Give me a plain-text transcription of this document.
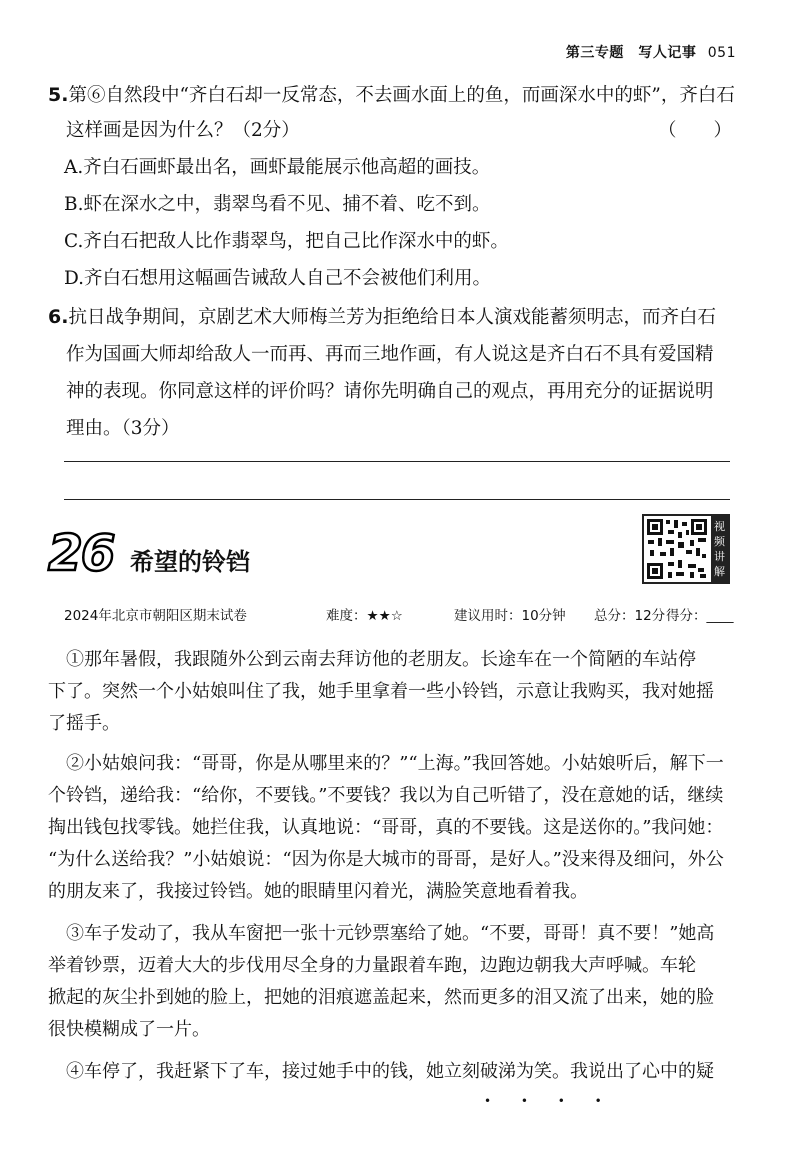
第三专题　写人记事 051
5.第⑥自然段中“齐白石却一反常态，不去画水面上的鱼，而画深水中的虾”，齐白石
这样画是因为什么？（2分）	（　　）
A.齐白石画虾最出名，画虾最能展示他高超的画技。
B.虾在深水之中，翡翠鸟看不见、捕不着、吃不到。
C.齐白石把敌人比作翡翠鸟，把自己比作深水中的虾。
D.齐白石想用这幅画告诫敌人自己不会被他们利用。
6.抗日战争期间，京剧艺术大师梅兰芳为拒绝给日本人演戏能蓄须明志，而齐白石
作为国画大师却给敌人一而再、再而三地作画，有人说这是齐白石不具有爱国精
神的表现。你同意这样的评价吗？请你先明确自己的观点，再用充分的证据说明
理由。（3分）
26 希望的铃铛
视频讲解
2024年北京市朝阳区期末试卷	难度：★★☆	建议用时：10分钟 总分：12分 得分：____
①那年暑假，我跟随外公到云南去拜访他的老朋友。长途车在一个简陋的车站停
下了。突然一个小姑娘叫住了我，她手里拿着一些小铃铛，示意让我购买，我对她摇
了摇手。
②小姑娘问我：“哥哥，你是从哪里来的？”“上海。”我回答她。小姑娘听后，解下一
个铃铛，递给我：“给你，不要钱。”不要钱？我以为自己听错了，没在意她的话，继续
掏出钱包找零钱。她拦住我，认真地说：“哥哥，真的不要钱。这是送你的。”我问她：
“为什么送给我？”小姑娘说：“因为你是大城市的哥哥，是好人。”没来得及细问，外公
的朋友来了，我接过铃铛。她的眼睛里闪着光，满脸笑意地看着我。
③车子发动了，我从车窗把一张十元钞票塞给了她。“不要，哥哥！真不要！”她高
举着钞票，迈着大大的步伐用尽全身的力量跟着车跑，边跑边朝我大声呼喊。车轮
掀起的灰尘扑到她的脸上，把她的泪痕遮盖起来，然而更多的泪又流了出来，她的脸
很快模糊成了一片。
④车停了，我赶紧下了车，接过她手中的钱，她立刻破涕为笑。我说出了心中的疑
• • • •
